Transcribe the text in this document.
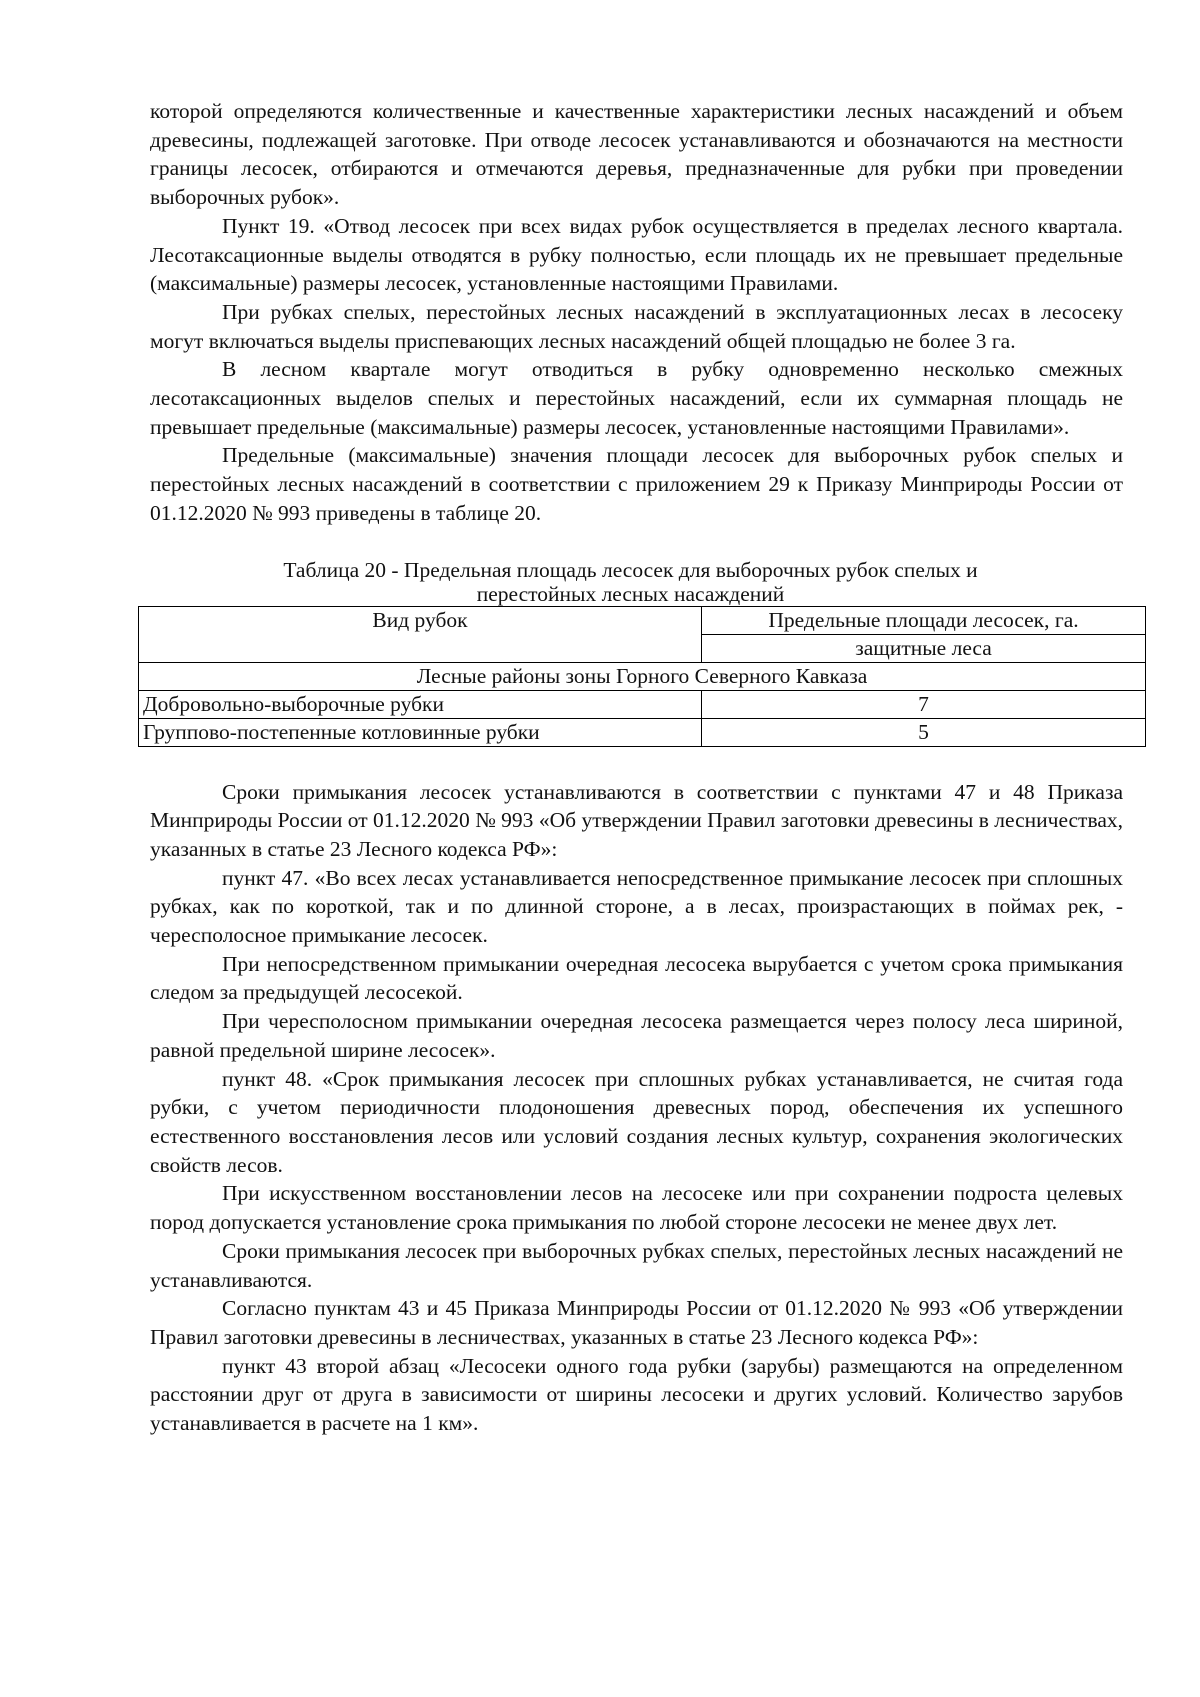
которой определяются количественные и качественные характеристики лесных насаждений и объем древесины, подлежащей заготовке. При отводе лесосек устанавливаются и обозначаются на местности границы лесосек, отбираются и отмечаются деревья, предназначенные для рубки при проведении выборочных рубок».

Пункт 19. «Отвод лесосек при всех видах рубок осуществляется в пределах лесного квартала. Лесотаксационные выделы отводятся в рубку полностью, если площадь их не превышает предельные (максимальные) размеры лесосек, установленные настоящими Правилами.

При рубках спелых, перестойных лесных насаждений в эксплуатационных лесах в лесосеку могут включаться выделы приспевающих лесных насаждений общей площадью не более 3 га.

В лесном квартале могут отводиться в рубку одновременно несколько смежных лесотаксационных выделов спелых и перестойных насаждений, если их суммарная площадь не превышает предельные (максимальные) размеры лесосек, установленные настоящими Правилами».

Предельные (максимальные) значения площади лесосек для выборочных рубок спелых и перестойных лесных насаждений в соответствии с приложением 29 к Приказу Минприроды России от 01.12.2020 № 993 приведены в таблице 20.

Таблица 20 - Предельная площадь лесосек для выборочных рубок спелых и
перестойных лесных насаждений
Вид рубок	Предельные площади лесосек, га.
	защитные леса
Лесные районы зоны Горного Северного Кавказа	
Добровольно-выборочные рубки	7
Группово-постепенные котловинные рубки	5

Сроки примыкания лесосек устанавливаются в соответствии с пунктами 47 и 48 Приказа Минприроды России от 01.12.2020 № 993 «Об утверждении Правил заготовки древесины в лесничествах, указанных в статье 23 Лесного кодекса РФ»:

пункт 47. «Во всех лесах устанавливается непосредственное примыкание лесосек при сплошных рубках, как по короткой, так и по длинной стороне, а в лесах, произрастающих в поймах рек, - чересполосное примыкание лесосек.

При непосредственном примыкании очередная лесосека вырубается с учетом срока примыкания следом за предыдущей лесосекой.

При чересполосном примыкании очередная лесосека размещается через полосу леса шириной, равной предельной ширине лесосек».

пункт 48. «Срок примыкания лесосек при сплошных рубках устанавливается, не считая года рубки, с учетом периодичности плодоношения древесных пород, обеспечения их успешного естественного восстановления лесов или условий создания лесных культур, сохранения экологических свойств лесов.

При искусственном восстановлении лесов на лесосеке или при сохранении подроста целевых пород допускается установление срока примыкания по любой стороне лесосеки не менее двух лет.

Сроки примыкания лесосек при выборочных рубках спелых, перестойных лесных насаждений не устанавливаются.

Согласно пунктам 43 и 45 Приказа Минприроды России от 01.12.2020 № 993 «Об утверждении Правил заготовки древесины в лесничествах, указанных в статье 23 Лесного кодекса РФ»:

пункт 43 второй абзац «Лесосеки одного года рубки (зарубы) размещаются на определенном расстоянии друг от друга в зависимости от ширины лесосеки и других условий. Количество зарубов устанавливается в расчете на 1 км».
